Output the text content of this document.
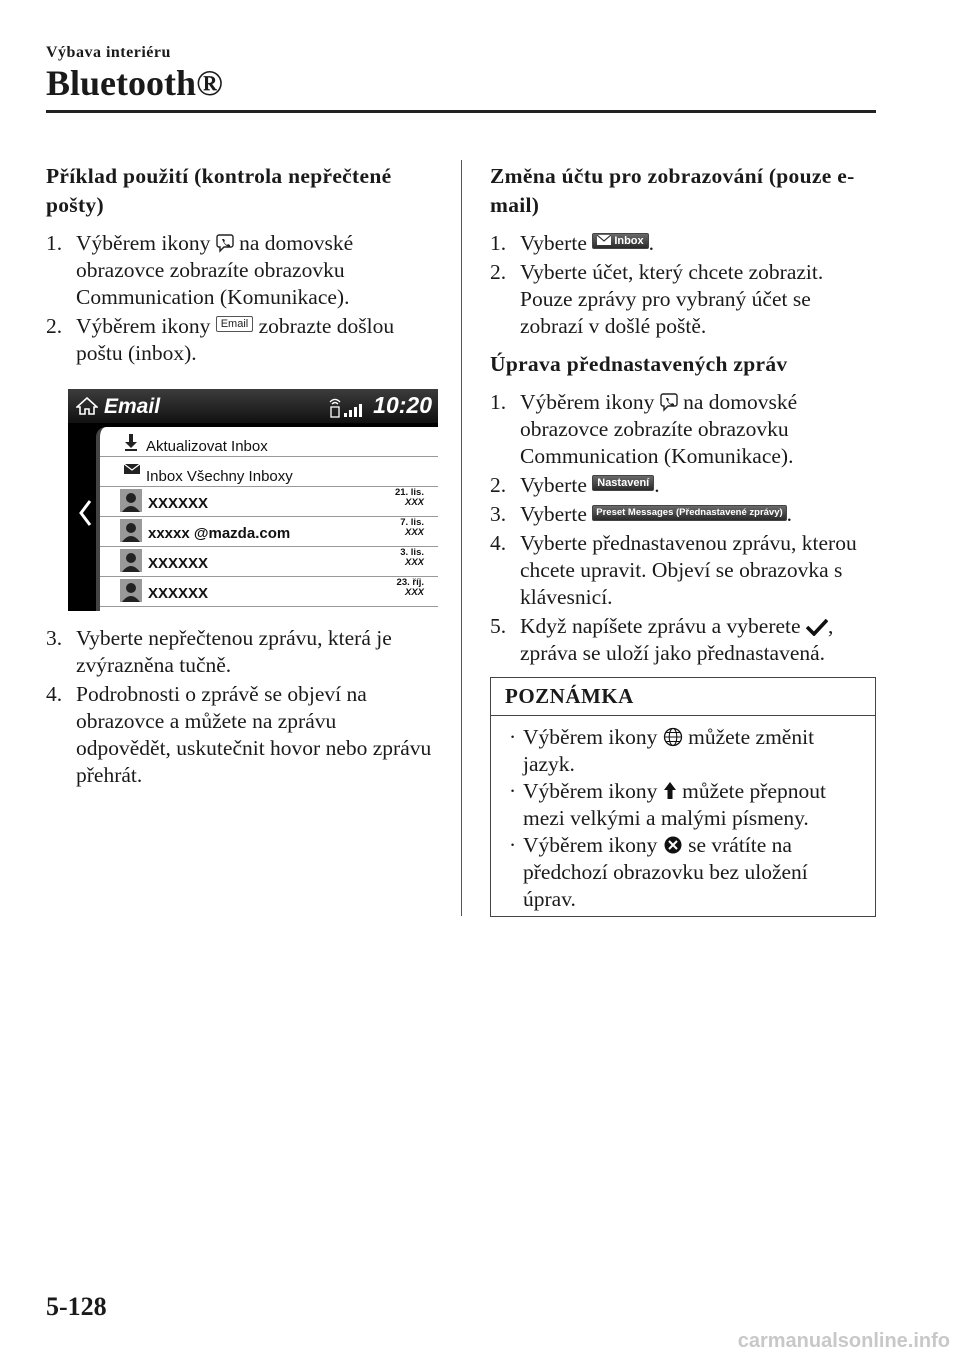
Výbava interiéru
Bluetooth®
Příklad použití (kontrola nepřečtené pošty)
1. Výběrem ikony na domovské obrazovce zobrazíte obrazovku Communication (Komunikace).
2. Výběrem ikony Email zobrazte došlou poštu (inbox).
Email	10:20
Aktualizovat Inbox
Inbox Všechny Inboxy
XXXXXX
21. lis.
XXX
xxxxx @mazda.com
7. lis.
XXX
XXXXXX
3. lis.
XXX
XXXXXX
23. říj.
XXX
3. Vyberte nepřečtenou zprávu, která je zvýrazněna tučně.
4. Podrobnosti o zprávě se objeví na obrazovce a můžete na zprávu odpovědět, uskutečnit hovor nebo zprávu přehrát.
Změna účtu pro zobrazování (pouze e-mail)
1. Vyberte Inbox .
2. Vyberte účet, který chcete zobrazit. Pouze zprávy pro vybraný účet se zobrazí v došlé poště.
Úprava přednastavených zpráv
1. Výběrem ikony na domovské obrazovce zobrazíte obrazovku Communication (Komunikace).
2. Vyberte Nastavení .
3. Vyberte Preset Messages (Přednastavené zprávy) .
4. Vyberte přednastavenou zprávu, kterou chcete upravit. Objeví se obrazovka s klávesnicí.
5. Když napíšete zprávu a vyberete , zpráva se uloží jako přednastavená.
POZNÁMKA
· Výběrem ikony můžete změnit jazyk.
· Výběrem ikony můžete přepnout mezi velkými a malými písmeny.
· Výběrem ikony se vrátíte na předchozí obrazovku bez uložení úprav.
5-128
carmanualsonline.info
